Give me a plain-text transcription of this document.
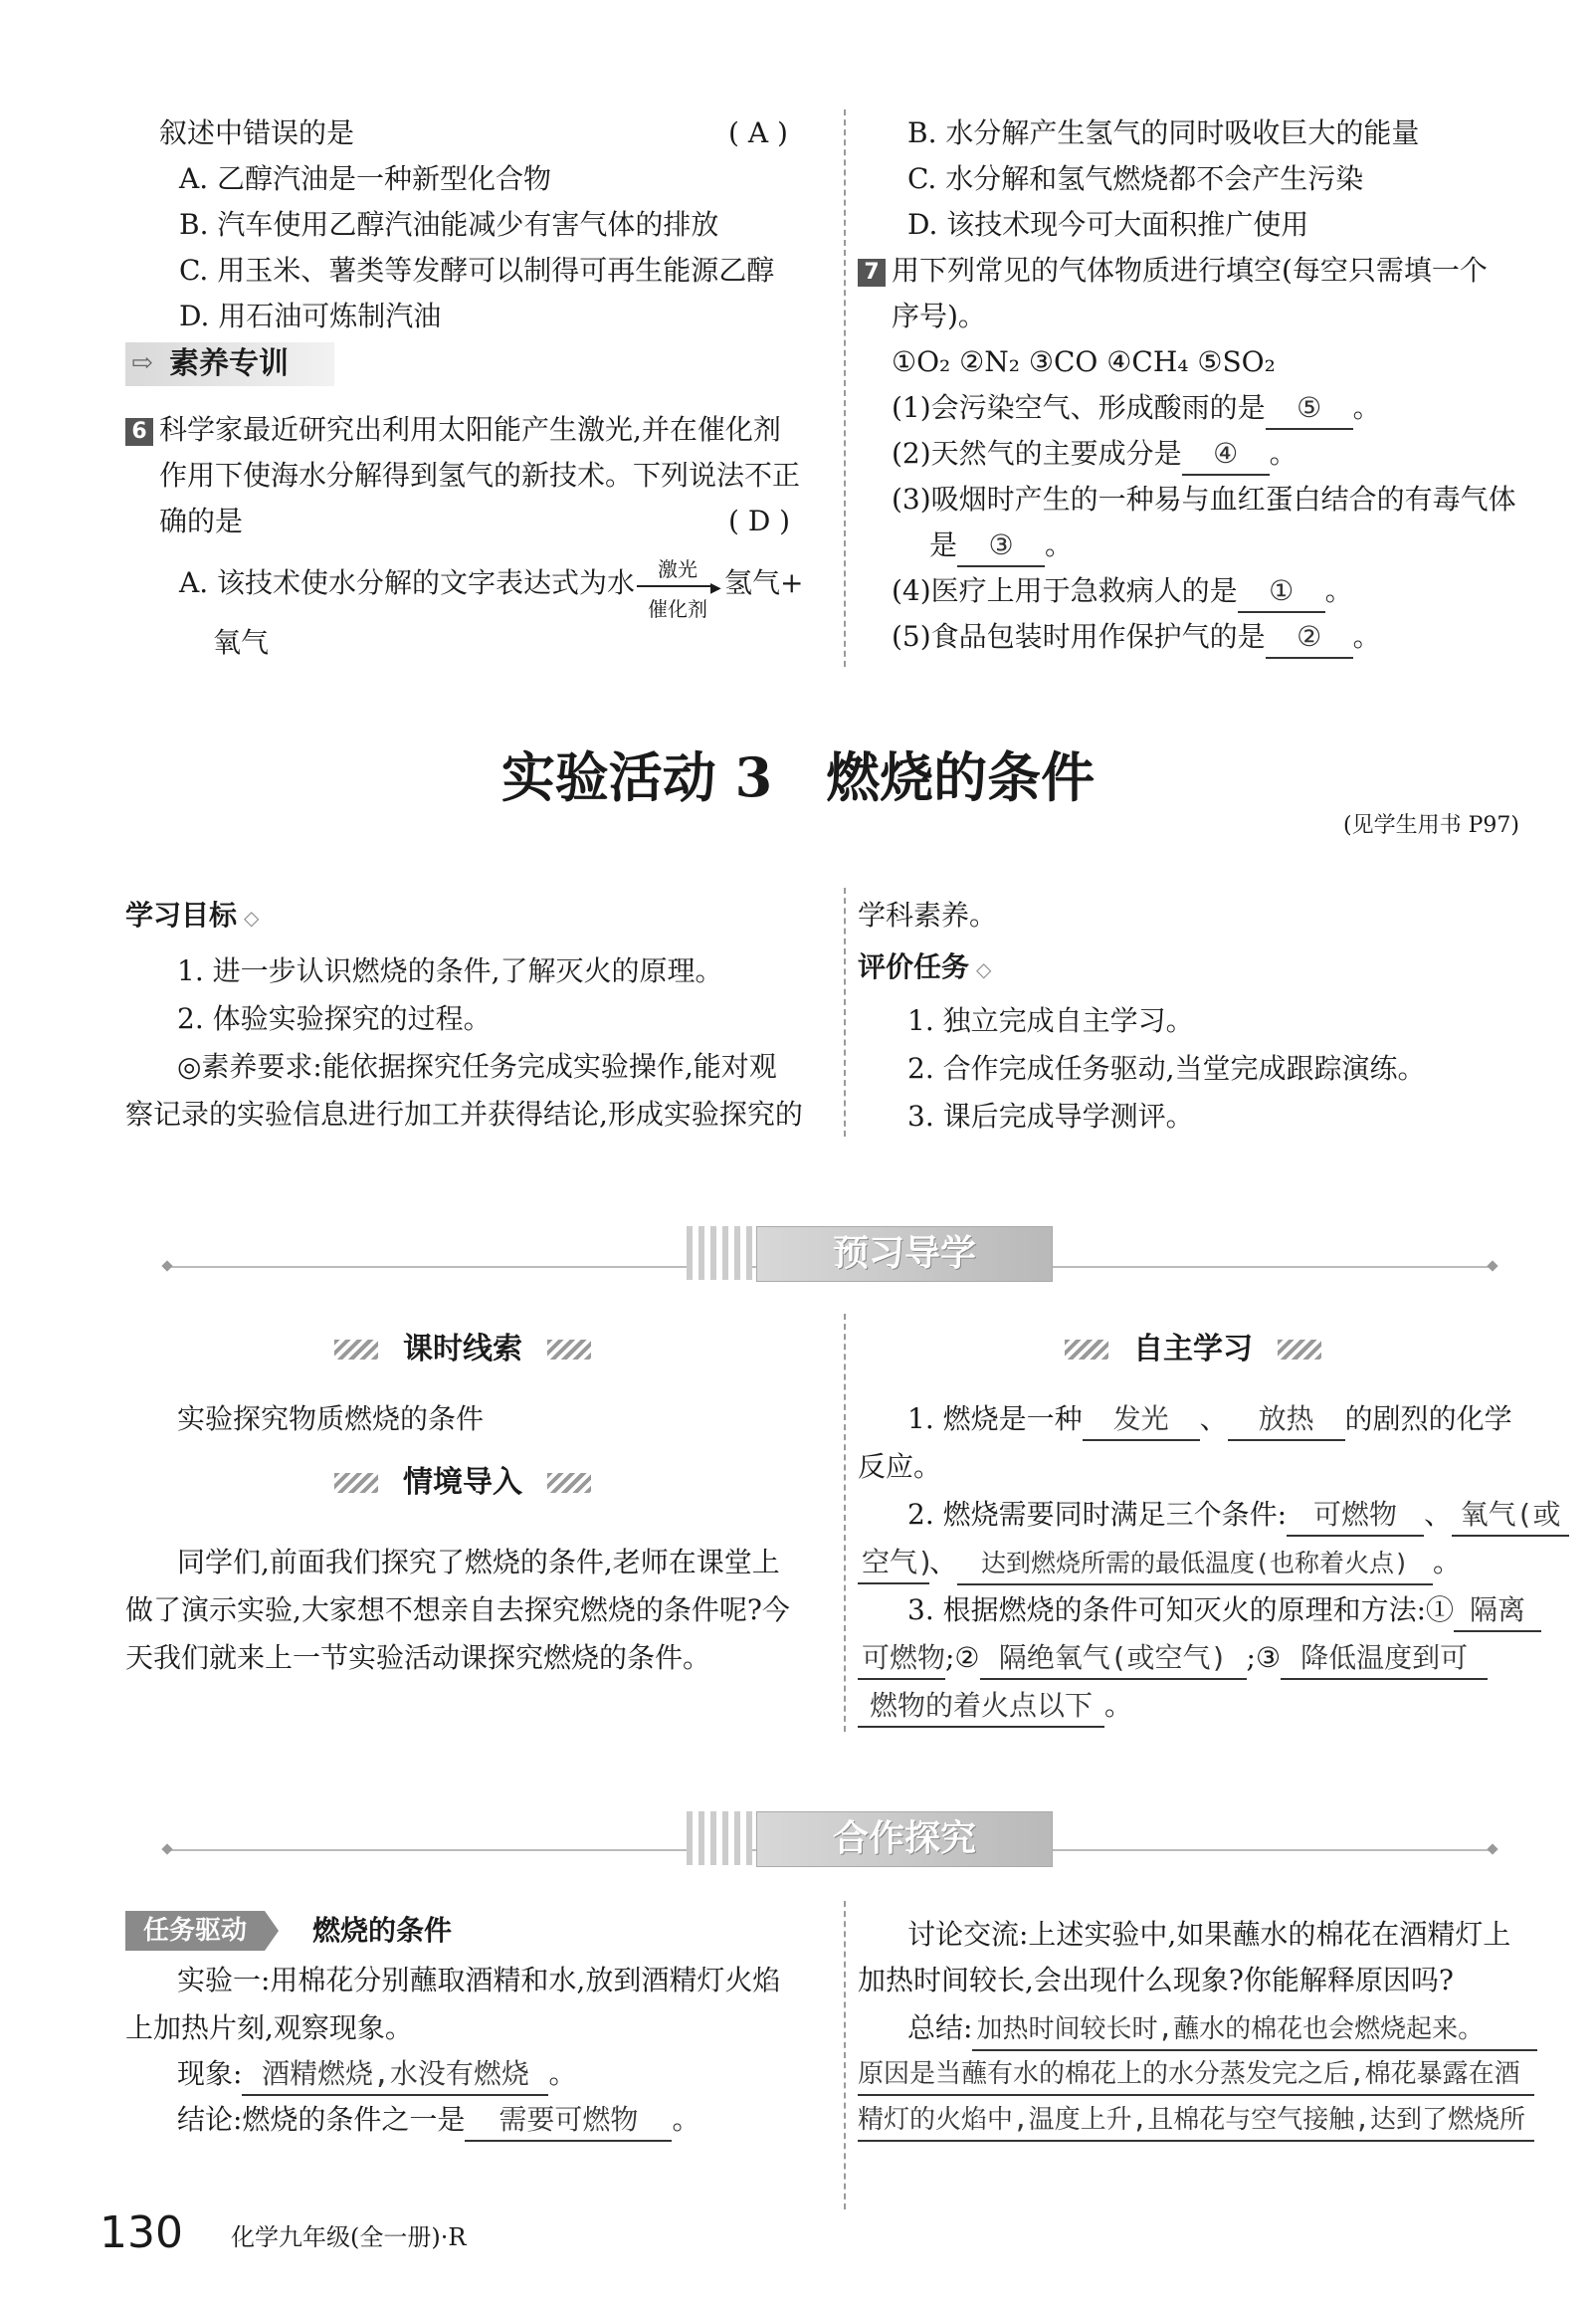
叙述中错误的是	( A )
A. 乙醇汽油是一种新型化合物
B. 汽车使用乙醇汽油能减少有害气体的排放
C. 用玉米、薯类等发酵可以制得可再生能源乙醇
D. 用石油可炼制汽油
⇨ 素养专训
6 科学家最近研究出利用太阳能产生激光,并在催化剂
作用下使海水分解得到氢气的新技术。下列说法不正
确的是	( D )
A. 该技术使水分解的文字表达式为水	激光
▶
催化剂
氢气+
氧气
B. 水分解产生氢气的同时吸收巨大的能量
C. 水分解和氢气燃烧都不会产生污染
D. 该技术现今可大面积推广使用
7 用下列常见的气体物质进行填空(每空只需填一个
序号)。
①O₂ ②N₂ ③CO ④CH₄ ⑤SO₂
(1)会污染空气、形成酸雨的是 ⑤ 。
(2)天然气的主要成分是 ④ 。
(3)吸烟时产生的一种易与血红蛋白结合的有毒气体
是 ③ 。
(4)医疗上用于急救病人的是 ① 。
(5)食品包装时用作保护气的是 ② 。
实验活动 3　燃烧的条件
(见学生用书 P97)
学习目标 ◇
1. 进一步认识燃烧的条件,了解灭火的原理。
2. 体验实验探究的过程。
◎素养要求:能依据探究任务完成实验操作,能对观
察记录的实验信息进行加工并获得结论,形成实验探究的
学科素养。
评价任务 ◇
1. 独立完成自主学习。
2. 合作完成任务驱动,当堂完成跟踪演练。
3. 课后完成导学测评。
预习导学
课时线索
实验探究物质燃烧的条件
情境导入
同学们,前面我们探究了燃烧的条件,老师在课堂上
做了演示实验,大家想不想亲自去探究燃烧的条件呢?今
天我们就来上一节实验活动课探究燃烧的条件。
自主学习
1. 燃烧是一种 发光 、 放热 的剧烈的化学
反应。
2. 燃烧需要同时满足三个条件: 可燃物 、 氧气(或
空气)、 达到燃烧所需的最低温度(也称着火点) 。
3. 根据燃烧的条件可知灭火的原理和方法:① 隔离
可燃物;② 隔绝氧气(或空气) ;③ 降低温度到可
燃物的着火点以下 。
合作探究
任务驱动	燃烧的条件
实验一:用棉花分别蘸取酒精和水,放到酒精灯火焰
上加热片刻,观察现象。
现象: 酒精燃烧,水没有燃烧 。
结论:燃烧的条件之一是 需要可燃物 。
讨论交流:上述实验中,如果蘸水的棉花在酒精灯上
加热时间较长,会出现什么现象?你能解释原因吗?
总结: 加热时间较长时,蘸水的棉花也会燃烧起来。
原因是当蘸有水的棉花上的水分蒸发完之后,棉花暴露在酒
精灯的火焰中,温度上升,且棉花与空气接触,达到了燃烧所
130 化学九年级(全一册)·R
